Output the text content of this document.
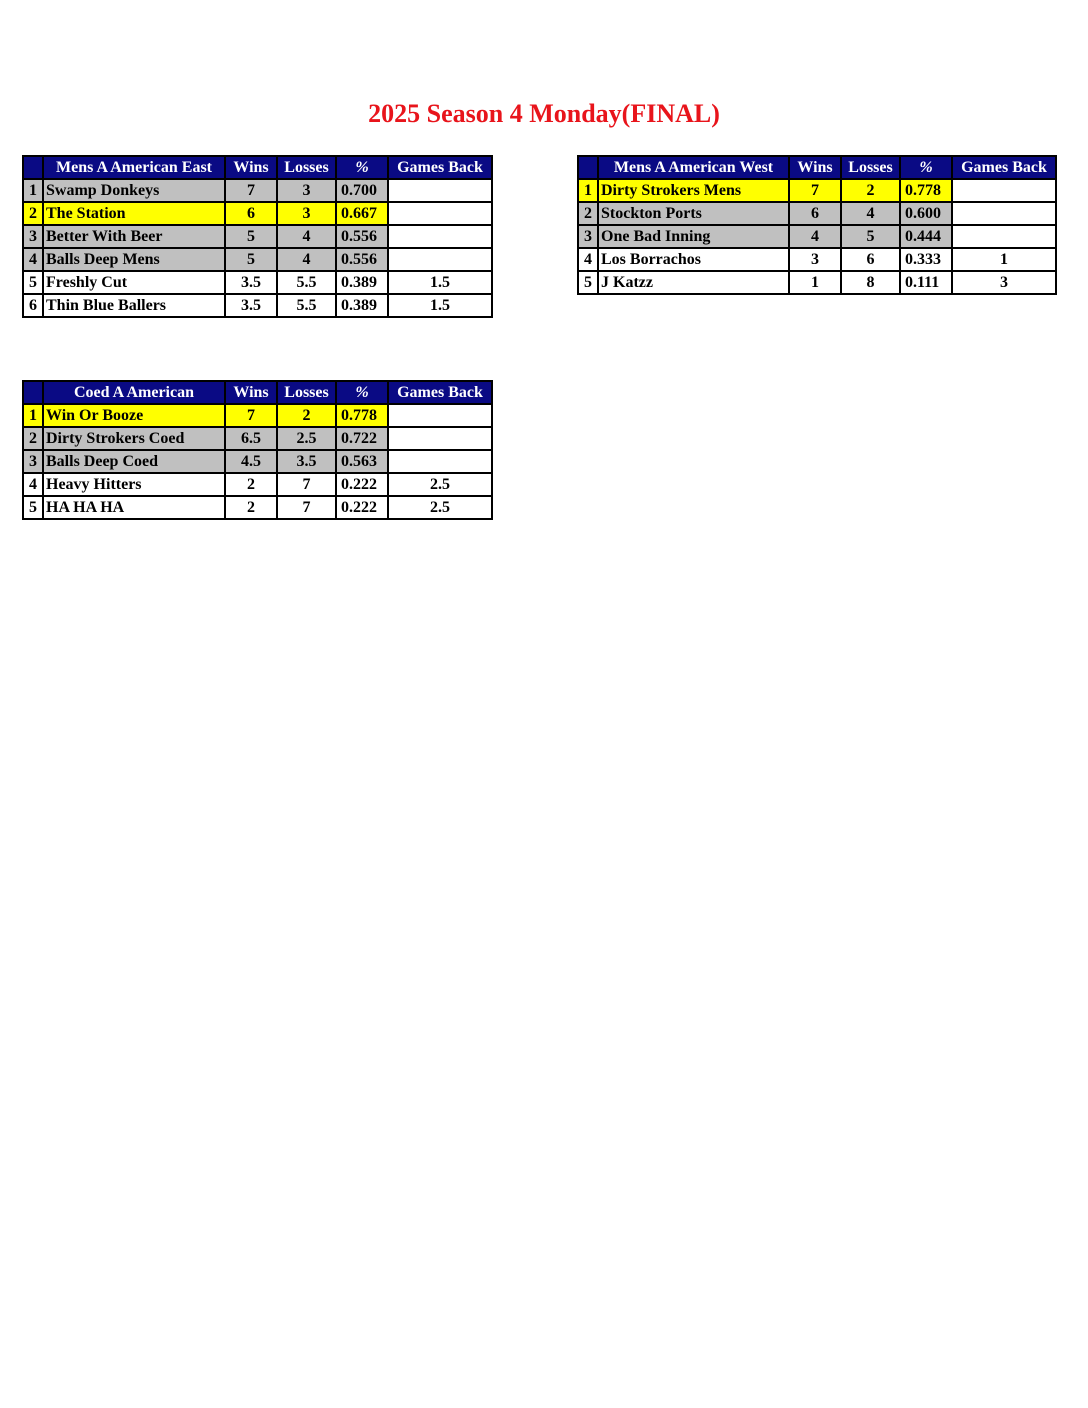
2025 Season 4 Monday(FINAL)
	Mens A American East	Wins	Losses	%	Games Back
1	Swamp Donkeys	7	3	0.700	
2	The Station	6	3	0.667	
3	Better With Beer	5	4	0.556	
4	Balls Deep Mens	5	4	0.556	
5	Freshly Cut	3.5	5.5	0.389	1.5
6	Thin Blue Ballers	3.5	5.5	0.389	1.5
	Mens A American West	Wins	Losses	%	Games Back
1	Dirty Strokers Mens	7	2	0.778	
2	Stockton Ports	6	4	0.600	
3	One Bad Inning	4	5	0.444	
4	Los Borrachos	3	6	0.333	1
5	J Katzz	1	8	0.111	3
	Coed A American	Wins	Losses	%	Games Back
1	Win Or Booze	7	2	0.778	
2	Dirty Strokers Coed	6.5	2.5	0.722	
3	Balls Deep Coed	4.5	3.5	0.563	
4	Heavy Hitters	2	7	0.222	2.5
5	HA HA HA	2	7	0.222	2.5
